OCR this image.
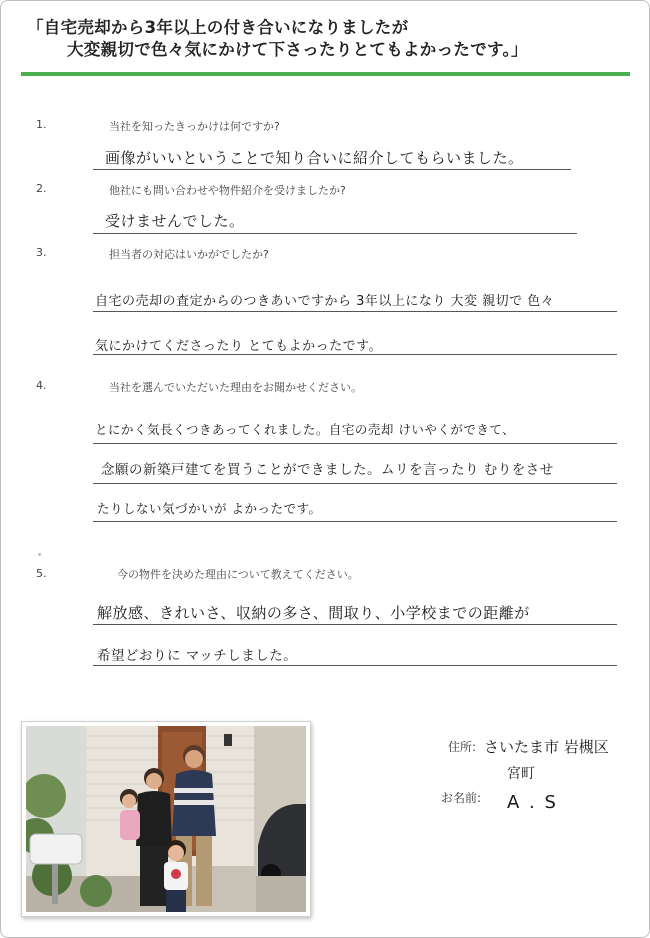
「自宅売却から3年以上の付き合いになりましたが
大変親切で色々気にかけて下さったりとてもよかったです。」
1.	当社を知ったきっかけは何ですか?
画像がいいということで知り合いに紹介してもらいました。
2.	他社にも問い合わせや物件紹介を受けましたか?
受けませんでした。
3.	担当者の対応はいかがでしたか?
自宅の売却の査定からのつきあいですから 3年以上になり 大変 親切で 色々
気にかけてくださったり とてもよかったです。
4.	当社を選んでいただいた理由をお聞かせください。
とにかく気長くつきあってくれました。自宅の売却 けいやくができて、
念願の新築戸建てを買うことができました。ムリを言ったり むりをさせ
たりしない気づかいが よかったです。
5.	今の物件を決めた理由について教えてください。
解放感、きれいさ、収納の多さ、間取り、小学校までの距離が
希望どおりに マッチしました。
住所: さいたま市 岩槻区
宮町
お名前: A . S
